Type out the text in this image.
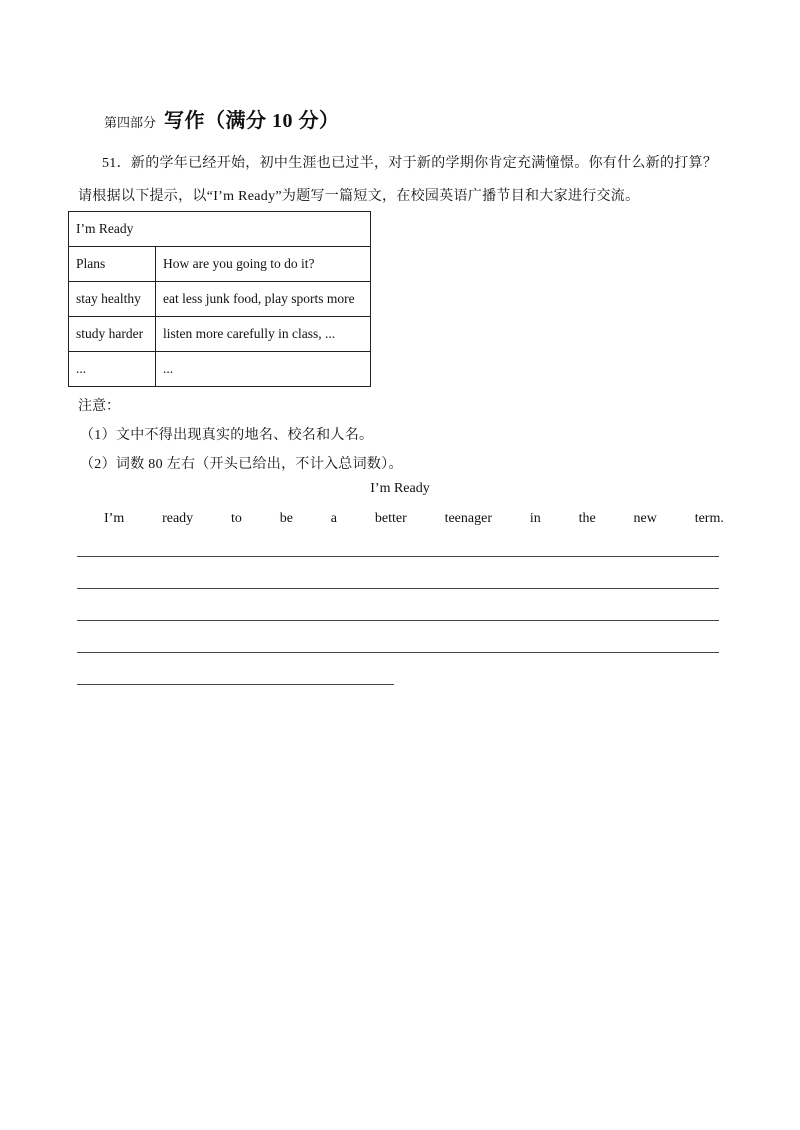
第四部分 写作（满分 10 分）
51．新的学年已经开始，初中生涯也已过半，对于新的学期你肯定充满憧憬。你有什么新的打算？
请根据以下提示，以“I’m Ready”为题写一篇短文，在校园英语广播节目和大家进行交流。
I’m Ready	
Plans	How are you going to do it?
stay healthy	eat less junk food, play sports more
study harder	listen more carefully in class, ...
...	...
注意：
（1）文中不得出现真实的地名、校名和人名。
（2）词数 80 左右（开头已给出，不计入总词数）。
I’m Ready
I’m	ready	to	be	a	better	teenager	in	the	new	term.
